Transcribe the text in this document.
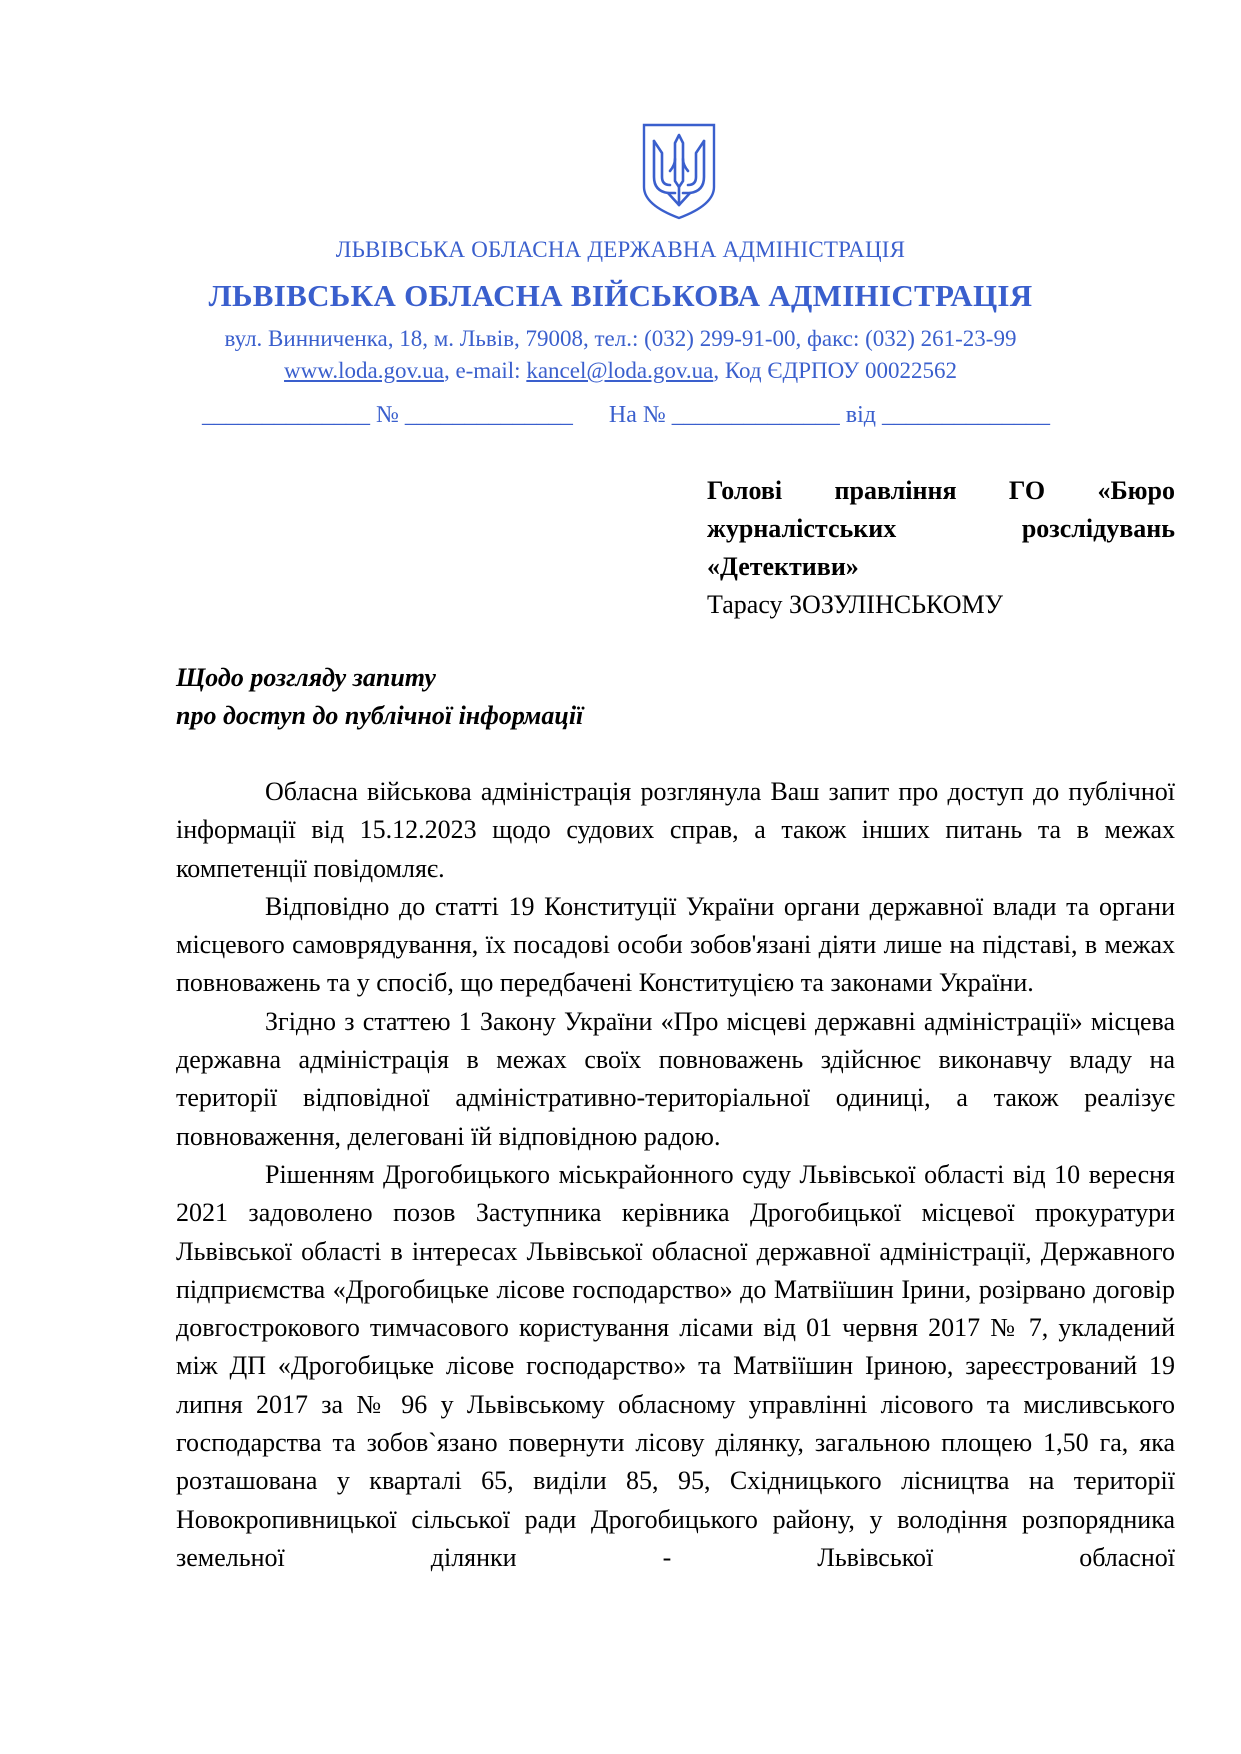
ЛЬВІВСЬКА ОБЛАСНА ДЕРЖАВНА АДМІНІСТРАЦІЯ
ЛЬВІВСЬКА ОБЛАСНА ВІЙСЬКОВА АДМІНІСТРАЦІЯ
вул. Винниченка, 18, м. Львів, 79008, тел.: (032) 299-91-00, факс: (032) 261-23-99
www.loda.gov.ua, e-mail: kancel@loda.gov.ua, Код ЄДРПОУ 00022562
______________ № ______________      На № ______________ від ______________
Голові правління ГО «Бюро
журналістських	розслідувань
«Детективи»
Тарасу ЗОЗУЛІНСЬКОМУ
Щодо розгляду запиту
про доступ до публічної інформації

Обласна військова адміністрація розглянула Ваш запит про доступ до публічної інформації від 15.12.2023 щодо судових справ, а також інших питань та в межах компетенції повідомляє.

Відповідно до статті 19 Конституції України органи державної влади та органи місцевого самоврядування, їх посадові особи зобов'язані діяти лише на підставі, в межах повноважень та у спосіб, що передбачені Конституцією та законами України.

Згідно з статтею 1 Закону України «Про місцеві державні адміністрації» місцева державна адміністрація в межах своїх повноважень здійснює виконавчу владу на території відповідної адміністративно-територіальної одиниці, а також реалізує повноваження, делеговані їй відповідною радою.

Рішенням Дрогобицького міськрайонного суду Львівської області від 10 вересня 2021 задоволено позов Заступника керівника Дрогобицької місцевої прокуратури Львівської області в інтересах Львівської обласної державної адміністрації, Державного підприємства «Дрогобицьке лісове господарство» до Матвіїшин Ірини, розірвано договір довгострокового тимчасового користування лісами від 01 червня 2017 № 7, укладений між ДП «Дрогобицьке лісове господарство» та Матвіїшин Іриною, зареєстрований 19 липня 2017 за № 96 у Львівському обласному управлінні лісового та мисливського господарства та зобов`язано повернути лісову ділянку, загальною площею 1,50 га, яка розташована у кварталі 65, виділи 85, 95, Східницького лісництва на території Новокропивницької сільської ради Дрогобицького району, у володіння розпорядника земельної ділянки - Львівської обласної
